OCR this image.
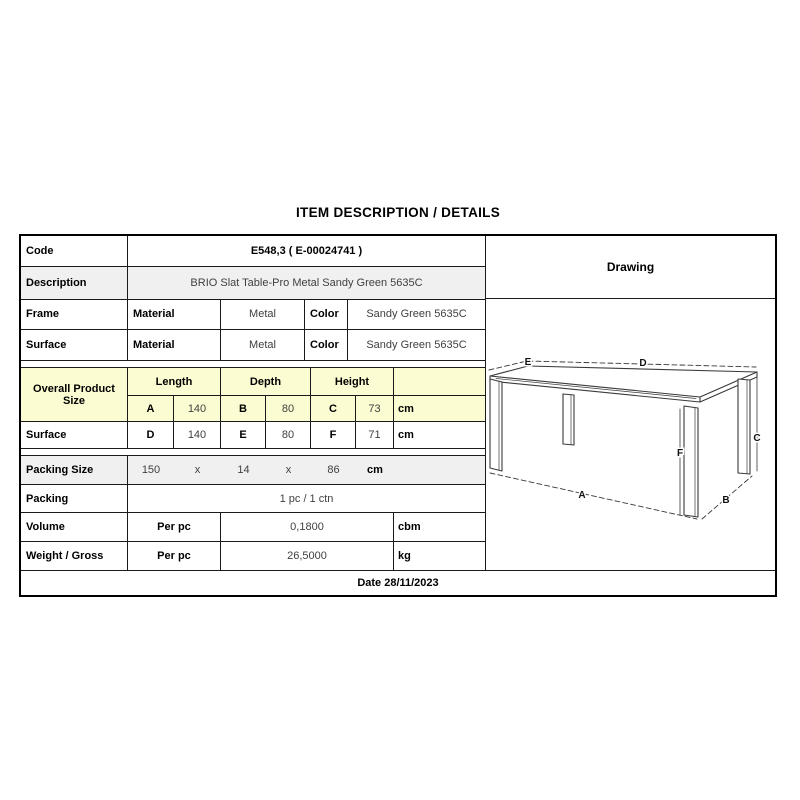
ITEM DESCRIPTION / DETAILS
Code	E548,3 ( E-00024741 )
Description	BRIO Slat Table-Pro Metal Sandy Green 5635C
Frame	Material	Metal	Color	Sandy Green 5635C
Surface	Material	Metal	Color	Sandy Green 5635C
Overall Product Size
Length	Depth	Height
A	140	B	80	C	73	cm
Surface	D	140	E	80	F	71	cm
Packing Size	150	x	14	x	86	cm
Packing	1 pc / 1 ctn
Volume	Per pc	0,1800	cbm
Weight / Gross	Per pc	26,5000	kg
Drawing
E	D
C
F
A	B
Date 28/11/2023
